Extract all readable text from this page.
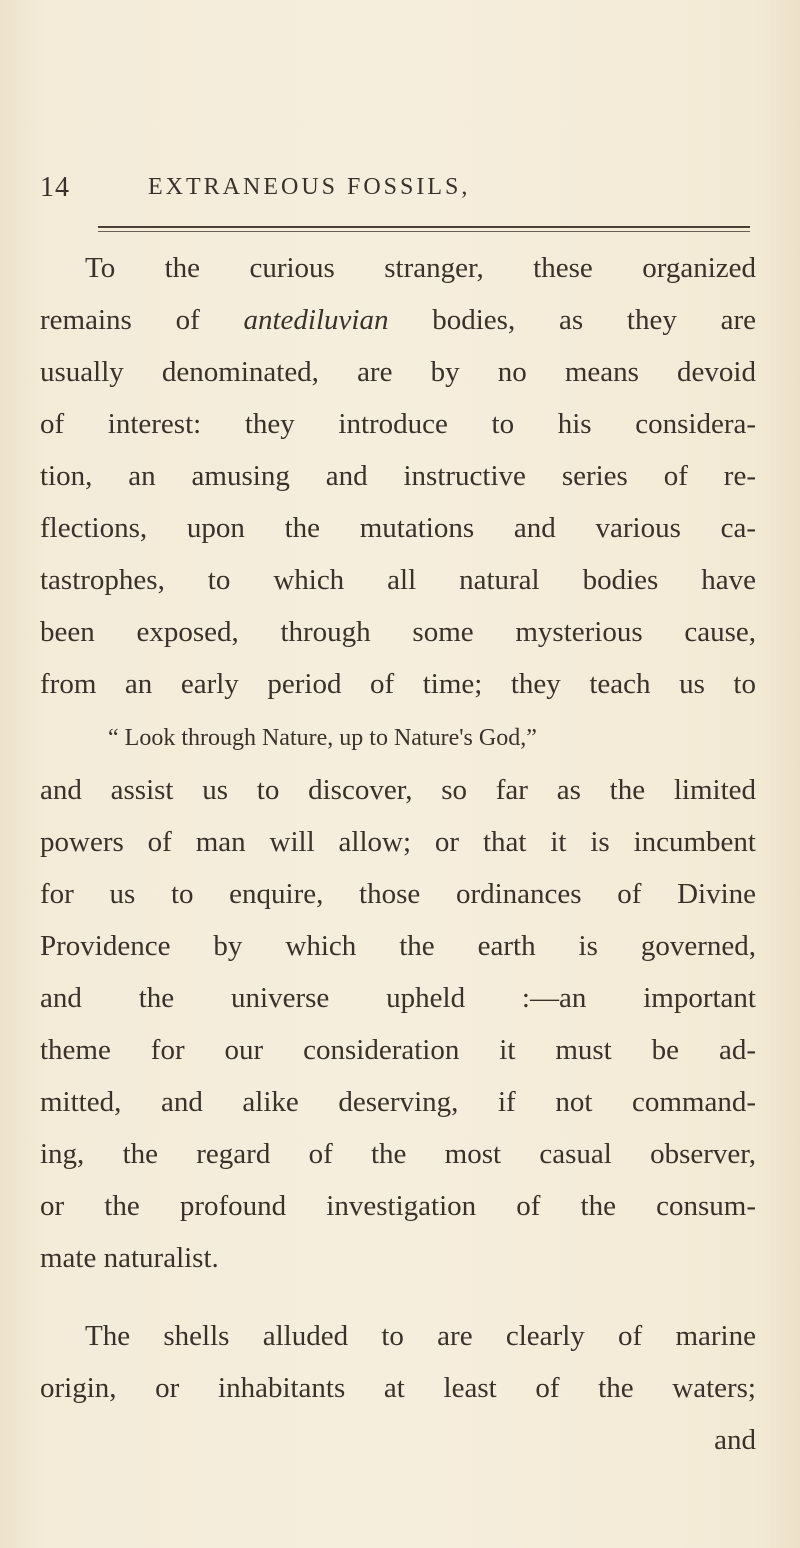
14	EXTRANEOUS FOSSILS,
To the curious stranger, these organized
remains of antediluvian bodies, as they are
usually denominated, are by no means devoid
of interest: they introduce to his considera-
tion, an amusing and instructive series of re-
flections, upon the mutations and various ca-
tastrophes, to which all natural bodies have
been exposed, through some mysterious cause,
from an early period of time; they teach us to
“ Look through Nature, up to Nature's God,”
and assist us to discover, so far as the limited
powers of man will allow; or that it is incumbent
for us to enquire, those ordinances of Divine
Providence by which the earth is governed,
and the universe upheld :—an important
theme for our consideration it must be ad-
mitted, and alike deserving, if not command-
ing, the regard of the most casual observer,
or the profound investigation of the consum-
mate naturalist.
The shells alluded to are clearly of marine
origin, or inhabitants at least of the waters;
and
